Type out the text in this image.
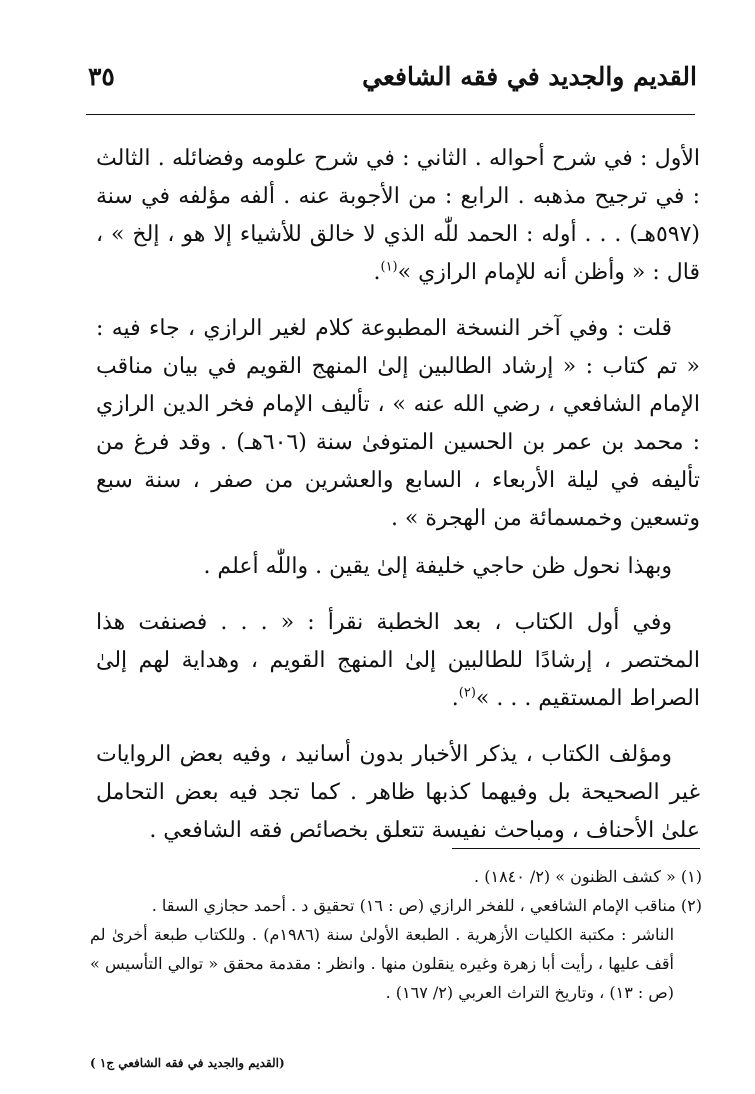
القديم والجديد في فقه الشافعي
٣٥

الأول : في شرح أحواله . الثاني : في شرح علومه وفضائله . الثالث : في ترجيح مذهبه . الرابع : من الأجوبة عنه . ألفه مؤلفه في سنة (٥٩٧هـ) . . . أوله : الحمد للّٰه الذي لا خالق للأشياء إلا هو ، إلخ » ، قال : « وأظن أنه للإمام الرازي »$^{(١)}$.

قلت : وفي آخر النسخة المطبوعة كلام لغير الرازي ، جاء فيه : « تم كتاب : « إرشاد الطالبين إلىٰ المنهج القويم في بيان مناقب الإمام الشافعي ، رضي الله عنه » ، تأليف الإمام فخر الدين الرازي : محمد بن عمر بن الحسين المتوفىٰ سنة (٦٠٦هـ) . وقد فرغ من تأليفه في ليلة الأربعاء ، السابع والعشرين من صفر ، سنة سبع وتسعين وخمسمائة من الهجرة » .

وبهذا نحول ظن حاجي خليفة إلىٰ يقين . واللّٰه أعلم .

وفي أول الكتاب ، بعد الخطبة نقرأ : « . . . فصنفت هذا المختصر ، إرشادًا للطالبين إلىٰ المنهج القويم ، وهداية لهم إلىٰ الصراط المستقيم . . . »$^{(٢)}$.

ومؤلف الكتاب ، يذكر الأخبار بدون أسانيد ، وفيه بعض الروايات غير الصحيحة بل وفيهما كذبها ظاهر . كما تجد فيه بعض التحامل علىٰ الأحناف ، ومباحث نفيسة تتعلق بخصائص فقه الشافعي .

(١) « كشف الظنون » (٢/ ١٨٤٠) .

(٢) مناقب الإمام الشافعي ، للفخر الرازي (ص : ١٦) تحقيق د . أحمد حجازي السقا .

الناشر : مكتبة الكليات الأزهرية . الطبعة الأولىٰ سنة (١٩٨٦م) . وللكتاب طبعة أخرىٰ لم أقف عليها ، رأيت أبا زهرة وغيره ينقلون منها . وانظر : مقدمة محقق « توالي التأسيس » (ص : ١٣) ، وتاريخ التراث العربي (٢/ ١٦٧) .

(القديم والجديد في فقه الشافعي ج١ )
